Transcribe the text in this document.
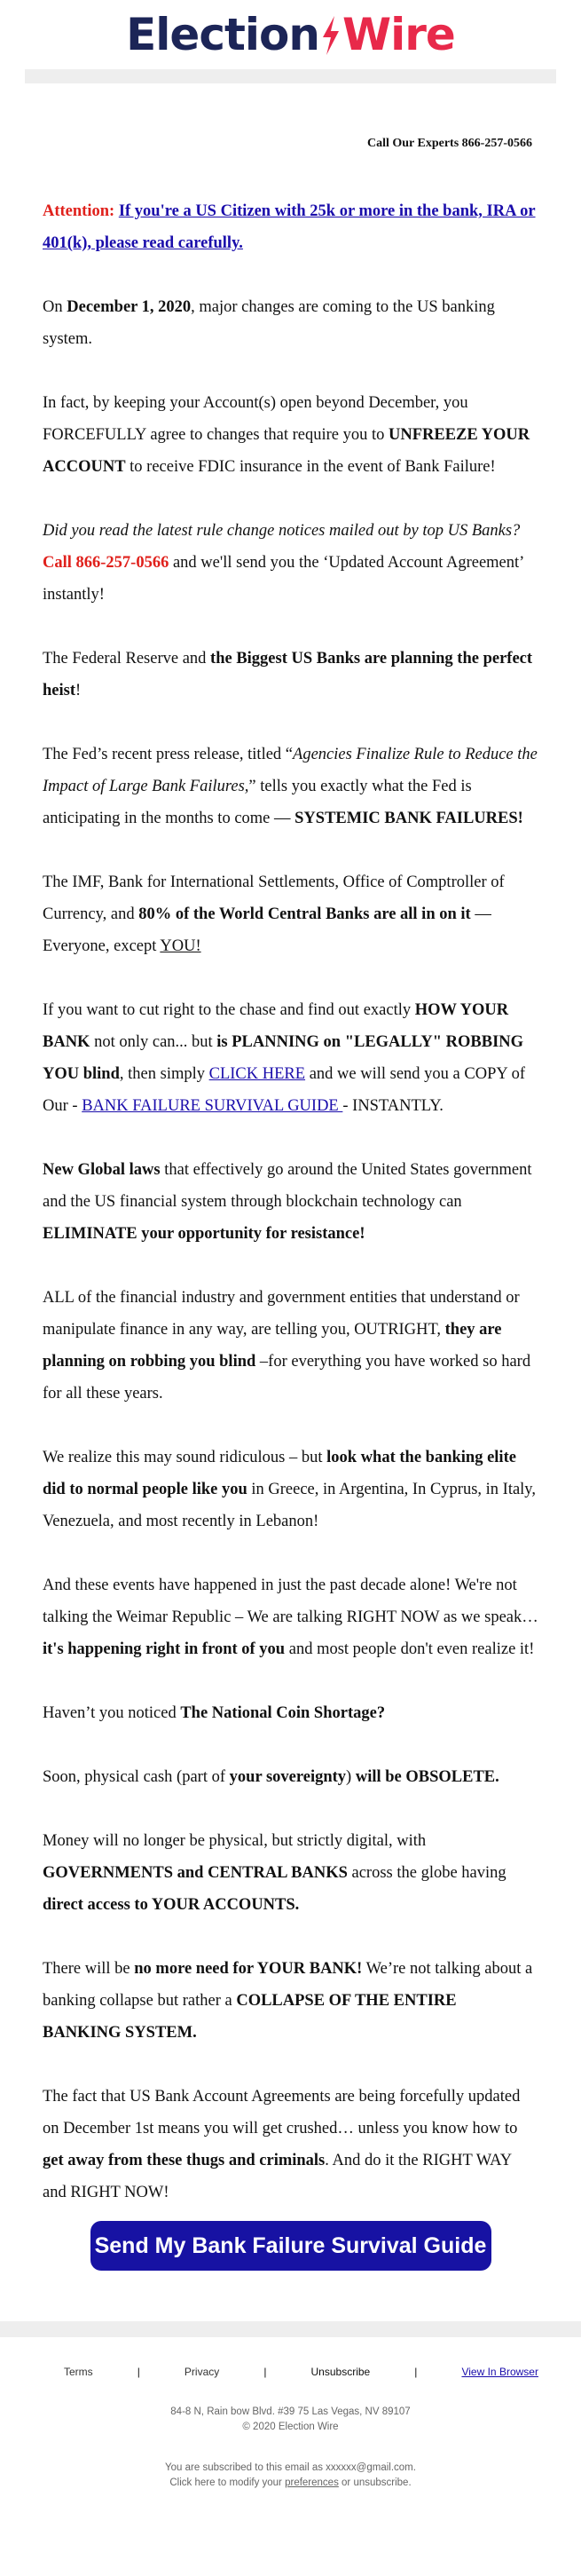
Election Wire
Call Our Experts 866-257-0566

Attention: If you're a US Citizen with 25k or more in the bank, IRA or 401(k), please read carefully.

On December 1, 2020, major changes are coming to the US banking system.

In fact, by keeping your Account(s) open beyond December, you FORCEFULLY agree to changes that require you to UNFREEZE YOUR ACCOUNT to receive FDIC insurance in the event of Bank Failure!

Did you read the latest rule change notices mailed out by top US Banks? Call 866-257-0566 and we'll send you the ‘Updated Account Agreement’ instantly!

The Federal Reserve and the Biggest US Banks are planning the perfect heist!

The Fed’s recent press release, titled “Agencies Finalize Rule to Reduce the Impact of Large Bank Failures,” tells you exactly what the Fed is anticipating in the months to come — SYSTEMIC BANK FAILURES!

The IMF, Bank for International Settlements, Office of Comptroller of Currency, and 80% of the World Central Banks are all in on it — Everyone, except YOU!

If you want to cut right to the chase and find out exactly HOW YOUR BANK not only can... but is PLANNING on "LEGALLY" ROBBING YOU blind, then simply CLICK HERE and we will send you a COPY of Our - BANK FAILURE SURVIVAL GUIDE - INSTANTLY.

New Global laws that effectively go around the United States government and the US financial system through blockchain technology can ELIMINATE your opportunity for resistance!

ALL of the financial industry and government entities that understand or manipulate finance in any way, are telling you, OUTRIGHT, they are planning on robbing you blind –for everything you have worked so hard for all these years.

We realize this may sound ridiculous – but look what the banking elite did to normal people like you in Greece, in Argentina, In Cyprus, in Italy, Venezuela, and most recently in Lebanon!

And these events have happened in just the past decade alone! We're not talking the Weimar Republic – We are talking RIGHT NOW as we speak… it's happening right in front of you and most people don't even realize it!

Haven’t you noticed The National Coin Shortage?

Soon, physical cash (part of your sovereignty) will be OBSOLETE.

Money will no longer be physical, but strictly digital, with GOVERNMENTS and CENTRAL BANKS across the globe having direct access to YOUR ACCOUNTS.

There will be no more need for YOUR BANK! We’re not talking about a banking collapse but rather a COLLAPSE OF THE ENTIRE BANKING SYSTEM.

The fact that US Bank Account Agreements are being forcefully updated on December 1st means you will get crushed… unless you know how to get away from these thugs and criminals. And do it the RIGHT WAY and RIGHT NOW!

Send My Bank Failure Survival Guide
Terms	|	Privacy	|	Unsubscribe	|	View In Browser
84-8 N, Rain bow Blvd. #39 75 Las Vegas, NV 89107
© 2020 Election Wire
You are subscribed to this email as xxxxxx@gmail.com.
Click here to modify your preferences or unsubscribe.
